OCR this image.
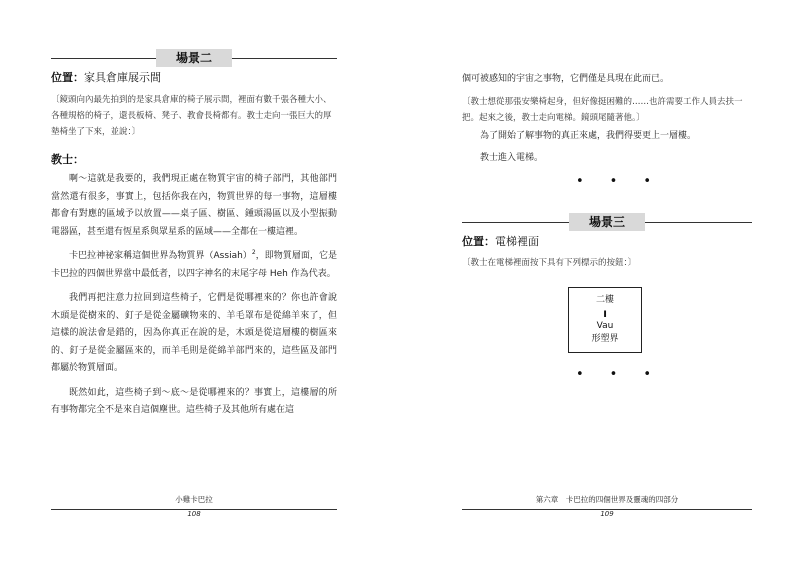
場景二
位置：家具倉庫展示間
〔鏡頭向內最先拍到的是家具倉庫的椅子展示間，裡面有數千張各種大小、各種規格的椅子，還長板椅、凳子、教會長椅都有。教士走向一張巨大的厚墊椅坐了下來，並說：〕
教士：

啊～這就是我要的，我們現正處在物質宇宙的椅子部門，其他部門當然還有很多，事實上，包括你我在內，物質世界的每一事物，這層樓都會有對應的區域予以放置——桌子區、樹區、鍾頭湯區以及小型振動電器區，甚至還有恆星系與眾星系的區域——全都在一樓這裡。

卡巴拉神祕家稱這個世界為物質界（Assiah）$^2$，即物質層面，它是卡巴拉的四個世界當中最低者，以四字神名的末尾字母 Heh 作為代表。

我們再把注意力拉回到這些椅子，它們是從哪裡來的？你也許會說木頭是從樹來的、釘子是從金屬礦物來的、羊毛罩布是從綿羊來了，但這樣的說法會是錯的，因為你真正在說的是，木頭是從這層樓的樹區來的、釘子是從金屬區來的，而羊毛則是從綿羊部門來的，這些區及部門都屬於物質層面。

既然如此，這些椅子到～底～是從哪裡來的？事實上，這樓層的所有事物都完全不是來自這個塵世。這些椅子及其他所有處在這

小雞卡巴拉
108

個可被感知的宇宙之事物，它們僅是具現在此而已。

〔教士想從那張安樂椅起身，但好像挺困難的……也許需要工作人員去扶一把。起來之後，教士走向電梯。鏡頭尾隨著他。〕

為了開始了解事物的真正來處，我們得要更上一層樓。

教士進入電梯。

•••
場景三
位置：電梯裡面
〔教士在電梯裡面按下具有下列標示的按鈕：〕
二樓
ו
Vau
形塑界
•••
第六章　卡巴拉的四個世界及靈魂的四部分
109
